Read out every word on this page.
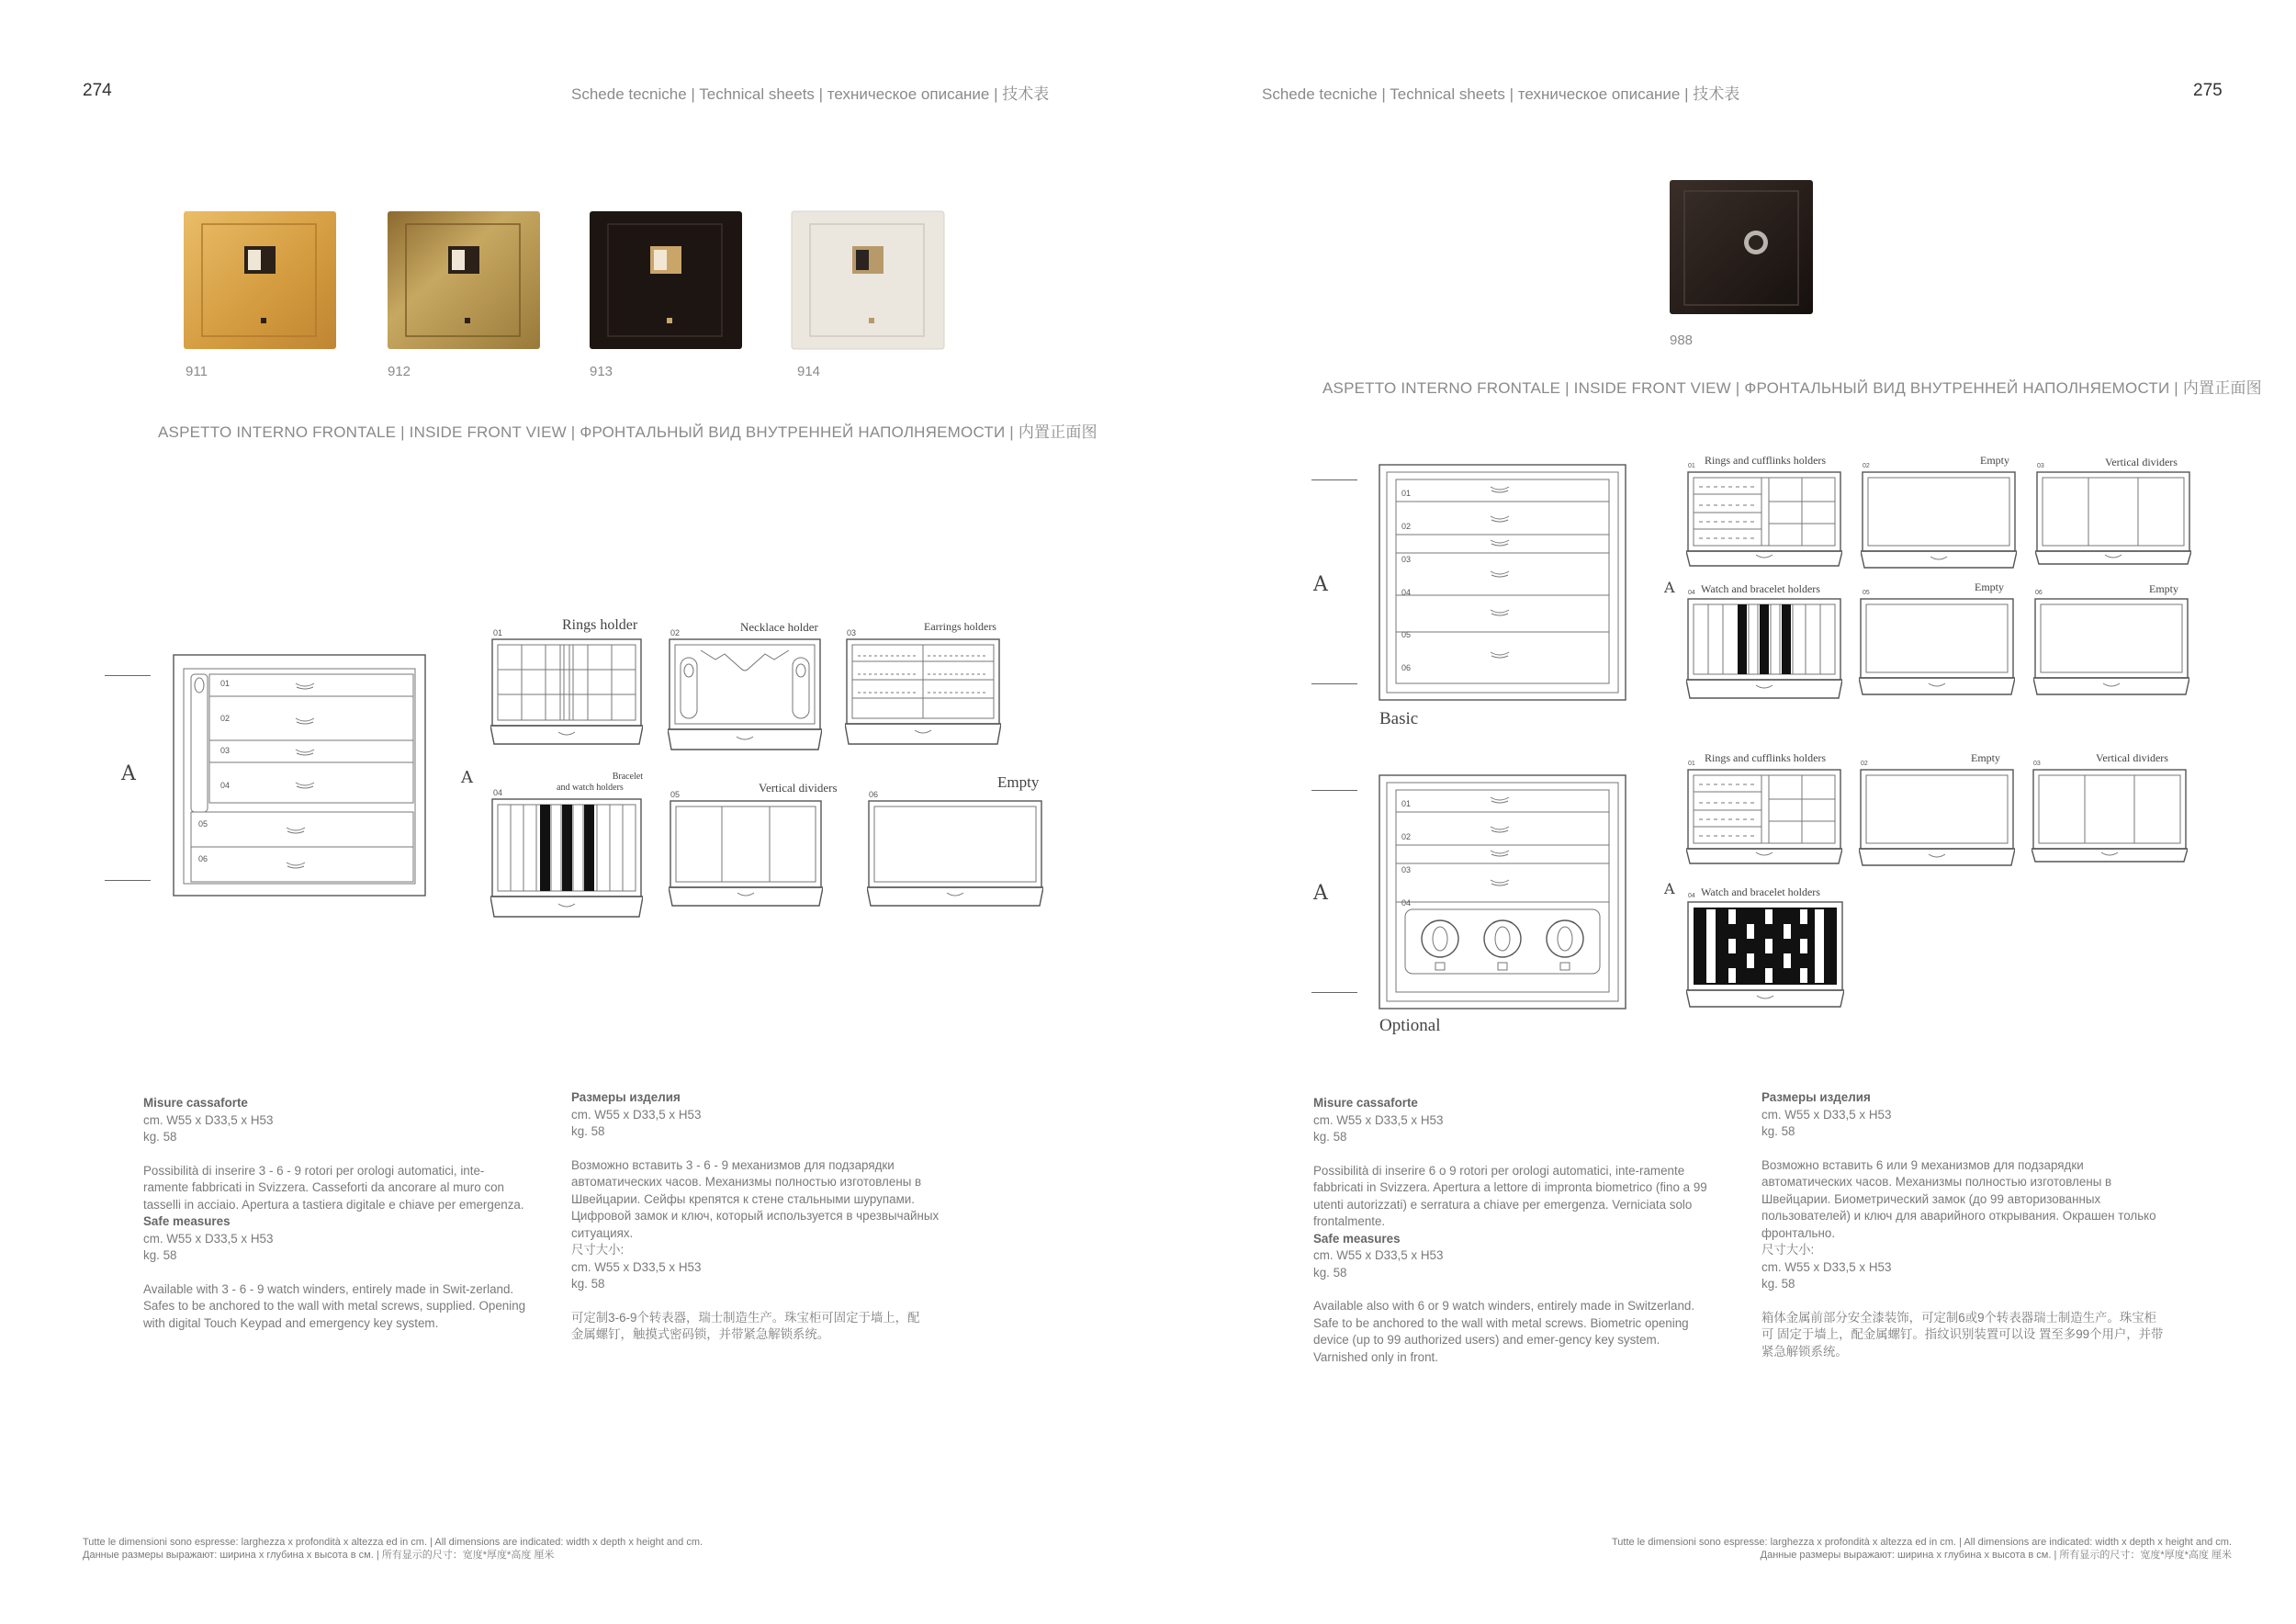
274	Schede tecniche | Technical sheets | техническое описание | 技术表
911	912	913	914
ASPETTO INTERNO FRONTALE | INSIDE FRONT VIEW | ФРОНТАЛЬНЫЙ ВИД ВНУТРЕННЕЙ НАПОЛНЯЕМОСТИ | 内置正面图
A
01
02
03
04
05
06
A
01	Rings holder	02	Necklace holder	03	Earrings holders
04
Bracelet
and watch holders
05	Vertical dividers	06
Empty
Misure cassaforte

cm. W55 x D33,5 x H53

kg. 58

Possibilità di inserire 3 - 6 - 9 rotori per orologi automatici, inte-ramente fabbricati in Svizzera. Casseforti da ancorare al muro con tasselli in acciaio. Apertura a tastiera digitale e chiave per emergenza.

Safe measures

cm. W55 x D33,5 x H53

kg. 58

Available with 3 - 6 - 9 watch winders, entirely made in Swit-zerland. Safes to be anchored to the wall with metal screws, supplied. Opening with digital Touch Keypad and emergency key system.

Размеры изделия

cm. W55 x D33,5 x H53

kg. 58

Возможно вставить 3 - 6 - 9 механизмов для подзарядки автоматических часов. Механизмы полностью изготовлены в Швейцарии. Сейфы крепятся к стене стальными шурупами. Цифровой замок и ключ, который используется в чрезвычайных ситуациях.

尺寸大小:

cm. W55 x D33,5 x H53

kg. 58

可定制3-6-9个转表器，瑞士制造生产。珠宝柜可固定于墙上，配金属螺钉，触摸式密码锁，并带紧急解锁系统。

Tutte le dimensioni sono espresse: larghezza x profondità x altezza ed in cm. | All dimensions are indicated: width x depth x height and cm.
Данные размеры выражают: ширина x глубина x высота в см. | 所有显示的尺寸：宽度*厚度*高度 厘米
Schede tecniche | Technical sheets | техническое описание | 技术表	275
988
ASPETTO INTERNO FRONTALE | INSIDE FRONT VIEW | ФРОНТАЛЬНЫЙ ВИД ВНУТРЕННЕЙ НАПОЛНЯЕМОСТИ | 内置正面图
A
01
02
03
04
05
06
Basic
A
01 Rings and cufflinks holders	02	Empty	03	Vertical dividers
04 Watch and bracelet holders	05	Empty	06	Empty
A
01
02
03
04
Optional
A
01 Rings and cufflinks holders	02	Empty	03	Vertical dividers
04 Watch and bracelet holders
Misure cassaforte

cm. W55 x D33,5 x H53

kg. 58

Possibilità di inserire 6 o 9 rotori per orologi automatici, inte-ramente fabbricati in Svizzera. Apertura a lettore di impronta biometrico (fino a 99 utenti autorizzati) e serratura a chiave per emergenza. Verniciata solo frontalmente.

Safe measures

cm. W55 x D33,5 x H53

kg. 58

Available also with 6 or 9 watch winders, entirely made in Switzerland. Safe to be anchored to the wall with metal screws. Biometric opening device (up to 99 authorized users) and emer-gency key system. Varnished only in front.

Размеры изделия

cm. W55 x D33,5 x H53

kg. 58

Возможно вставить 6 или 9 механизмов для подзарядки автоматических часов. Механизмы полностью изготовлены в Швейцарии. Биометрический замок (до 99 авторизованных пользователей) и ключ для аварийного открывания. Окрашен только фронтально.

尺寸大小:

cm. W55 x D33,5 x H53

kg. 58

箱体金属前部分安全漆装饰，可定制6或9个转表器瑞士制造生产。珠宝柜可 固定于墙上，配金属螺钉。指纹识别装置可以设 置至多99个用户，并带紧急解锁系统。

Tutte le dimensioni sono espresse: larghezza x profondità x altezza ed in cm. | All dimensions are indicated: width x depth x height and cm.
Данные размеры выражают: ширина x глубина x высота в см. | 所有显示的尺寸：宽度*厚度*高度 厘米
